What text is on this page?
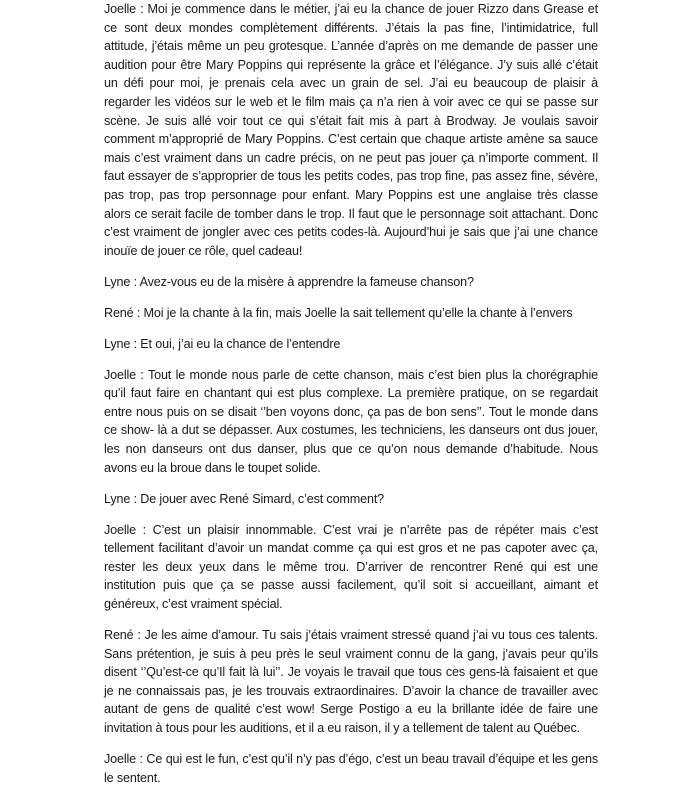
Joelle : Moi je commence dans le métier, j’ai eu la chance de jouer Rizzo dans Grease et ce sont deux mondes complètement différents. J’étais la pas fine, l’intimidatrice, full attitude, j’étais même un peu grotesque. L’année d’après on me demande de passer une audition pour être Mary Poppins qui représente la grâce et l’élégance. J’y suis allé c’était un défi pour moi, je prenais cela avec un grain de sel. J’ai eu beaucoup de plaisir à regarder les vidéos sur le web et le film mais ça n’a rien à voir avec ce qui se passe sur scène. Je suis allé voir tout ce qui s’était fait mis à part à Brodway. Je voulais savoir comment m’approprié de Mary Poppins. C’est certain que chaque artiste amène sa sauce mais c’est vraiment dans un cadre précis, on ne peut pas jouer ça n’importe comment. Il faut essayer de s’approprier de tous les petits codes, pas trop fine, pas assez fine, sévère, pas trop, pas trop personnage pour enfant. Mary Poppins est une anglaise très classe alors ce serait facile de tomber dans le trop. Il faut que le personnage soit attachant. Donc c’est vraiment de jongler avec ces petits codes-là. Aujourd’hui je sais que j’ai une chance inouïe de jouer ce rôle, quel cadeau!

Lyne : Avez-vous eu de la misère à apprendre la fameuse chanson?

René : Moi je la chante à la fin, mais Joelle la sait tellement qu’elle la chante à l’envers

Lyne : Et oui, j’ai eu la chance de l’entendre

Joelle : Tout le monde nous parle de cette chanson, mais c’est bien plus la chorégraphie qu’il faut faire en chantant qui est plus complexe. La première pratique, on se regardait entre nous puis on se disait ‘’ben voyons donc, ça pas de bon sens’’. Tout le monde dans ce show- là a dut se dépasser. Aux costumes, les techniciens, les danseurs ont dus jouer, les non danseurs ont dus danser, plus que ce qu’on nous demande d’habitude. Nous avons eu la broue dans le toupet solide.

Lyne : De jouer avec René Simard, c’est comment?

Joelle : C’est un plaisir innommable. C’est vrai je n’arrête pas de répéter mais c’est tellement facilitant d’avoir un mandat comme ça qui est gros et ne pas capoter avec ça, rester les deux yeux dans le même trou. D’arriver de rencontrer René qui est une institution puis que ça se passe aussi facilement, qu’il soit si accueillant, aimant et généreux, c’est vraiment spécial.

René : Je les aime d’amour. Tu sais j’étais vraiment stressé quand j’ai vu tous ces talents. Sans prétention, je suis à peu près le seul vraiment connu de la gang, j’avais peur qu’ils disent ‘’Qu’est-ce qu’Il fait là lui’’. Je voyais le travail que tous ces gens-là faisaient et que je ne connaissais pas, je les trouvais extraordinaires. D’avoir la chance de travailler avec autant de gens de qualité c’est wow! Serge Postigo a eu la brillante idée de faire une invitation à tous pour les auditions, et il a eu raison, il y a tellement de talent au Québec.

Joelle : Ce qui est le fun, c’est qu’il n’y pas d’égo, c’est un beau travail d’équipe et les gens le sentent.
